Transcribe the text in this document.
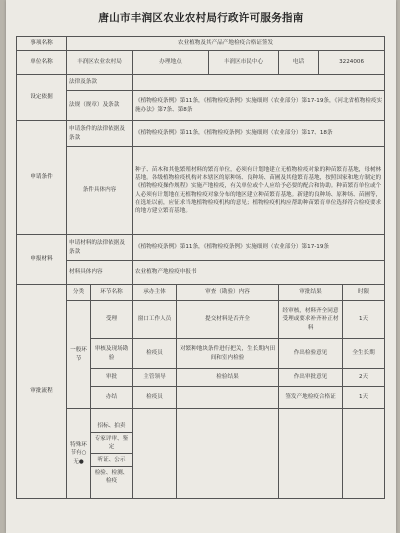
唐山市丰润区农业农村局行政许可服务指南
事项名称	农业植物及其产品产地检疫合格证签发							
单位名称	丰润区农业农村局		办理地点		丰润区市民中心	电话	3224006	
设定依据	法律及条款							
	法规（规章）及条款		《植物检疫条例》第11条，《植物检疫条例》实施细则（农业部分）第17-19条，《河北省植物检疫实施办法》第7条、第8条					
申请条件	申请条件的法律依据及条款		《植物检疫条例》第11条，《植物检疫条例》实施细则（农业部分）第17、18条					
	条件具体内容		种子、苗木和其他繁殖材料的繁育单位，必须有计划地建立无植物检疫对象的种苗繁育基地，母树林基地。各级植物检疫机构对本辖区的原种场、良种场、苗圃及其他繁育基地，按照国家和地方制定的《植物检疫操作规程》实施产地检疫，有关单位或个人应给予必要的配合和协助。种苗繁育单位或个人必须有计划地在无植物检疫对象分布的地区建立种苗繁育基地。新建的良种场、原种场、苗圃等，在选址以前，应征求当地植物检疫机构的意见；植物检疫机构应帮助种苗繁育单位选择符合检疫要求的地方建立繁育基地。					
申报材料	申请材料的法律依据及条款		《植物检疫条例》第11条，《植物检疫条例》实施细则（农业部分）第17-19条					
	材料具体内容		农业植物产地检疫申报书					
审批流程	分类	环节名称	承办主体	审查（勘验）内容		审批结果		时限
	一般环节	受理	窗口工作人员	提交材料是否齐全		经审核，材料齐全同意受理或要求补齐补正材料		1天
		审核及现场勘验	检疫员	对繁种地块条件进行把关，生长期内田间和室内检验		作出检验意见		全生长期
		审批	主管领导	检验结果		作出审批意见		2天
		办结	检疫员			签发产地检疫合格证		1天
	特殊环节有○无●	招标、拍卖
专家评审、鉴定
听证、公示
检验、检测、检疫						
